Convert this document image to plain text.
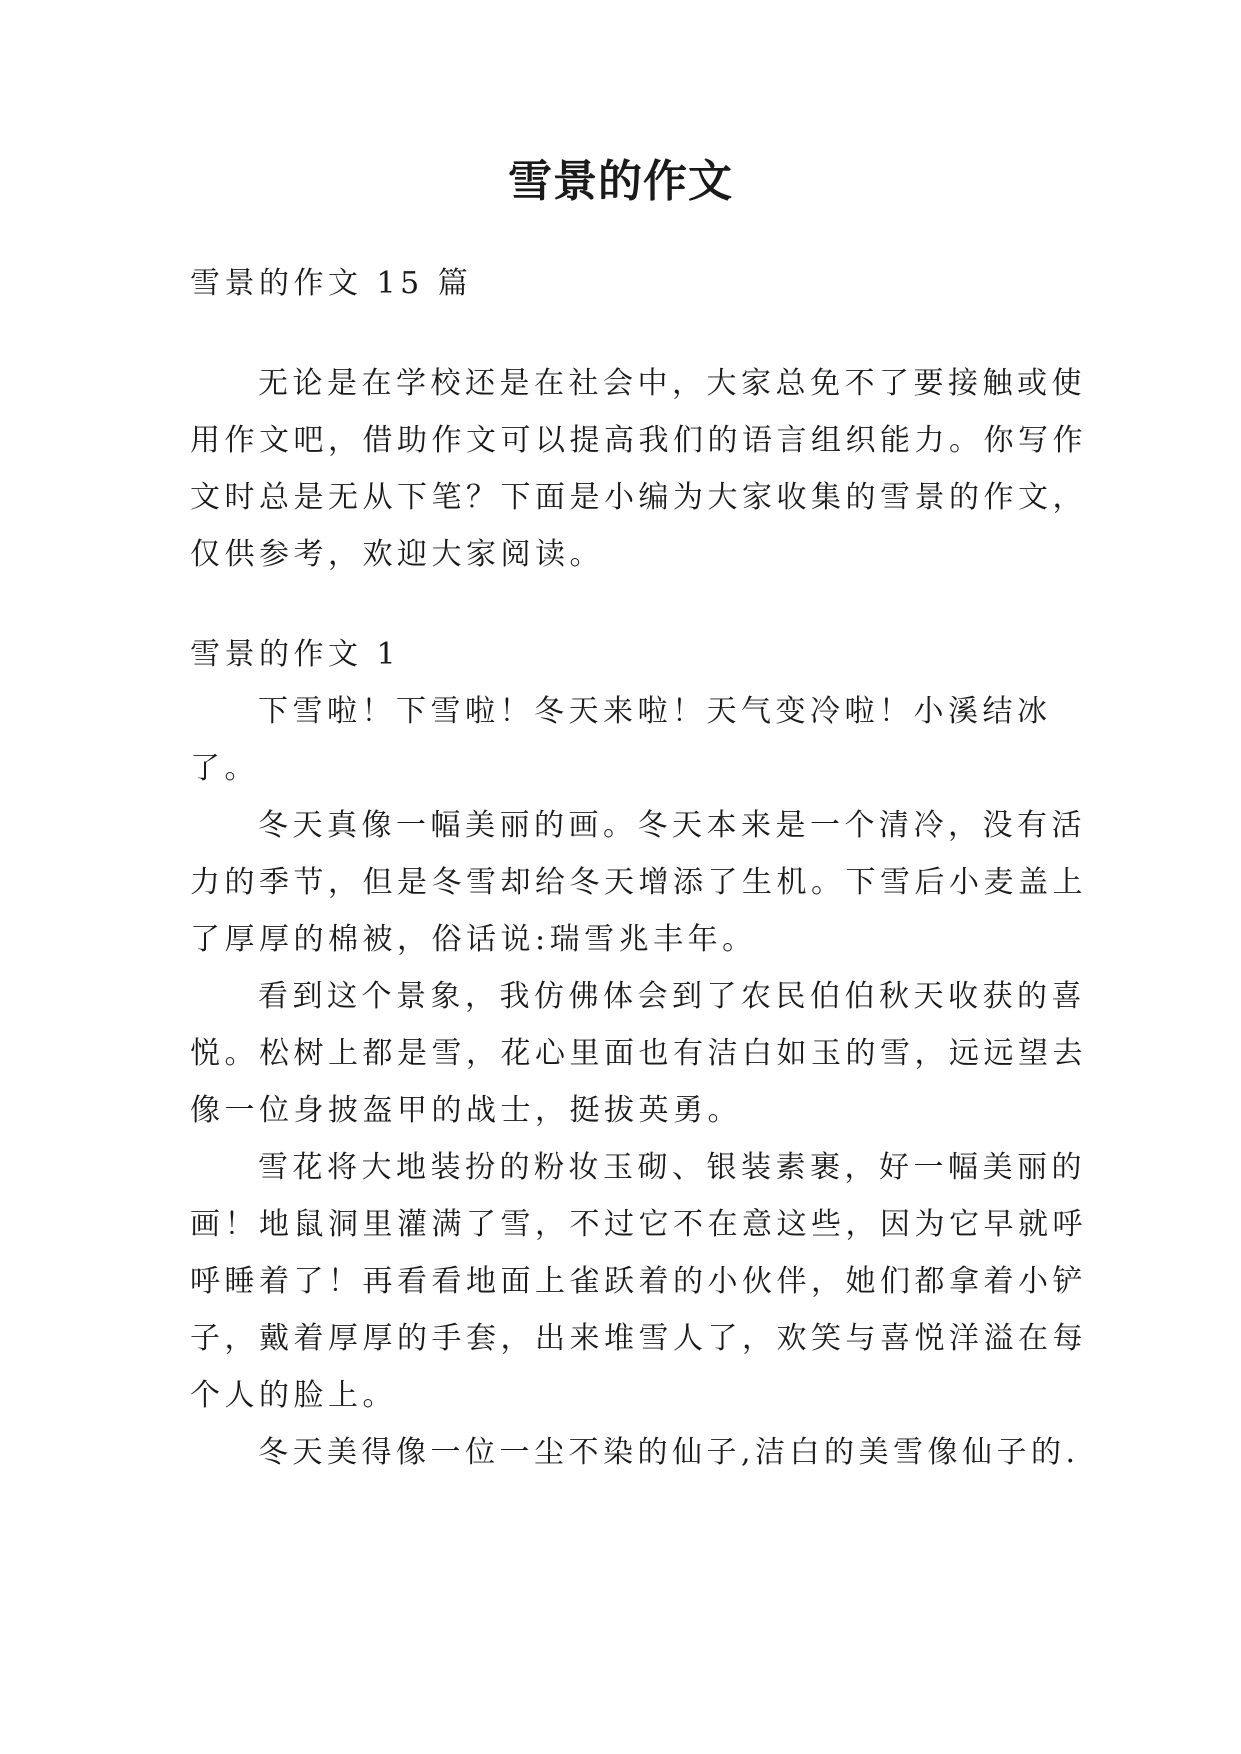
雪景的作文

雪景的作文 15 篇

无论是在学校还是在社会中，大家总免不了要接触或使

用作文吧，借助作文可以提高我们的语言组织能力。你写作

文时总是无从下笔？下面是小编为大家收集的雪景的作文，

仅供参考，欢迎大家阅读。

雪景的作文 1

下雪啦！下雪啦！冬天来啦！天气变冷啦！小溪结冰

了。

冬天真像一幅美丽的画。冬天本来是一个清冷，没有活

力的季节，但是冬雪却给冬天增添了生机。下雪后小麦盖上

了厚厚的棉被，俗话说:瑞雪兆丰年。

看到这个景象，我仿佛体会到了农民伯伯秋天收获的喜

悦。松树上都是雪，花心里面也有洁白如玉的雪，远远望去

像一位身披盔甲的战士，挺拔英勇。

雪花将大地装扮的粉妆玉砌、银装素裹，好一幅美丽的

画！地鼠洞里灌满了雪，不过它不在意这些，因为它早就呼

呼睡着了！再看看地面上雀跃着的小伙伴，她们都拿着小铲

子，戴着厚厚的手套，出来堆雪人了，欢笑与喜悦洋溢在每

个人的脸上。

冬天美得像一位一尘不染的仙子,洁白的美雪像仙子的.
